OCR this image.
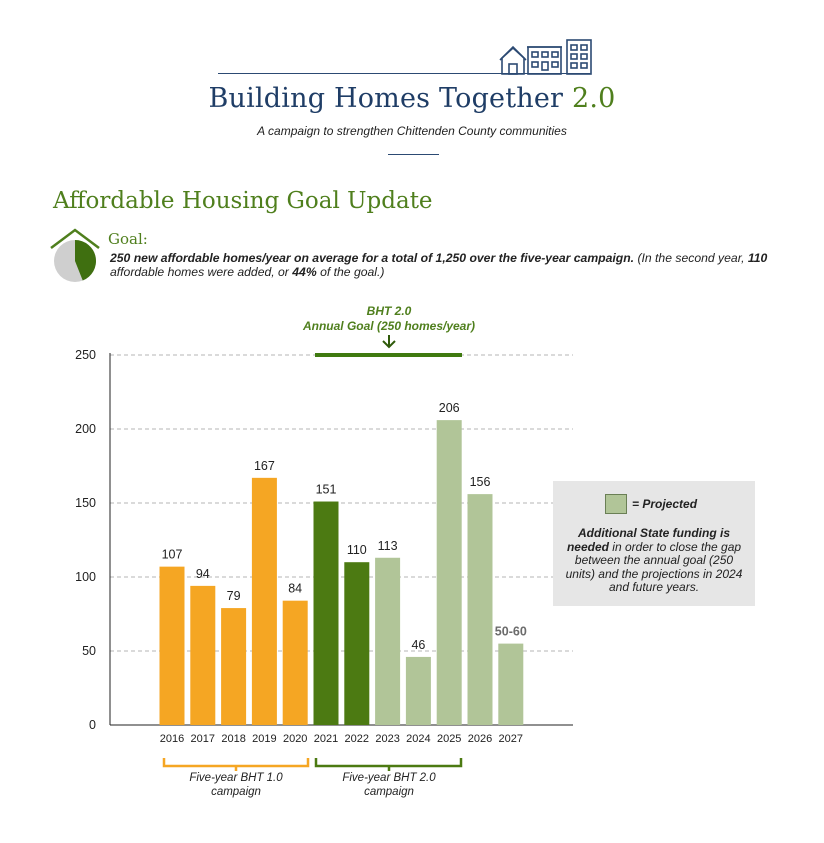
Building Homes Together 2.0
A campaign to strengthen Chittenden County communities
Affordable Housing Goal Update
Goal:
250 new affordable homes/year on average for a total of 1,250 over the five-year campaign. (In the second year, 110 affordable homes were added, or 44% of the goal.)
0
50
100
150
200
250
107
2016
94
2017
79
2018
167
2019
84
2020
151
2021
110
2022
113
2023
46
2024
206
2025
156
2026
50-60
2027
BHT 2.0
Annual Goal (250 homes/year)
Five-year BHT 1.0
campaign
Five-year BHT 2.0
campaign
= Projected
Additional State funding is needed in order to close the gap between the annual goal (250 units) and the projections in 2024 and future years.
